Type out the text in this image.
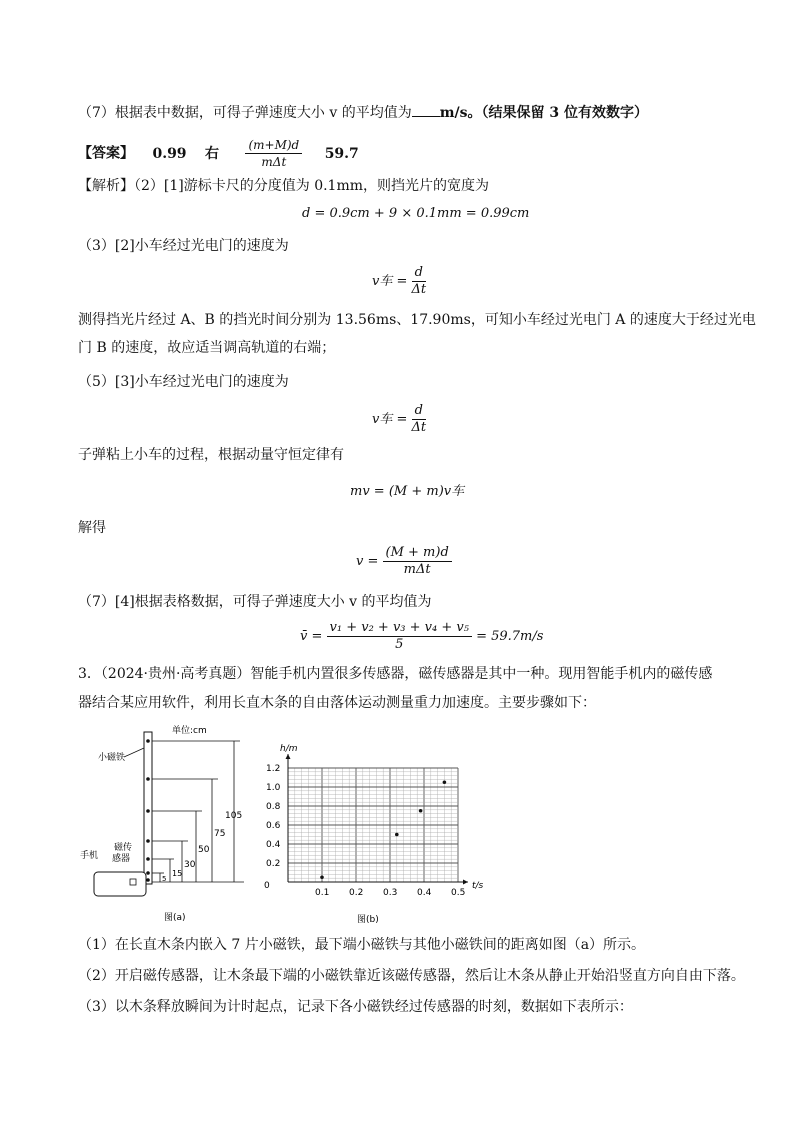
（7）根据表中数据，可得子弹速度大小 v 的平均值为 m/s。（结果保留 3 位有效数字）
【答案】 0.99 右 $\frac{(m+M)d}{\text{mΔt}} 59.7$
【解析】（2）[1]游标卡尺的分度值为 0.1mm，则挡光片的宽度为
d = 0.9cm + 9 × 0.1mm = 0.99cm
（3）[2]小车经过光电门的速度为
v车 = $\frac{d}{\Delta t}$
测得挡光片经过 A、B 的挡光时间分别为 13.56ms、17.90ms，可知小车经过光电门 A 的速度大于经过光电
门 B 的速度，故应适当调高轨道的右端；
（5）[3]小车经过光电门的速度为
v车 = $\frac{d}{\Delta t}$
子弹粘上小车的过程，根据动量守恒定律有
mv = (M + m)v车
解得
$v = \frac{(M + m)d}{\text{mΔt}}$
（7）[4]根据表格数据，可得子弹速度大小 v 的平均值为
v̄ = $\frac{\text{v₁ + v₂ + v₃ + v₄ + v₅}}{5} = 59.7m/s$
3．（2024·贵州·高考真题）智能手机内置很多传感器，磁传感器是其中一种。现用智能手机内的磁传感
器结合某应用软件，利用长直木条的自由落体运动测量重力加速度。主要步骤如下：
单位:cm
小磁铁
105
75
50
30
15
5
磁传
感器
手机
图(a)
0.1 0.2 0.3 0.4 0.5
0.2
0.4
0.6
0.8
1.0
1.2
h/m
t/s
0
图(b)
（1）在长直木条内嵌入 7 片小磁铁，最下端小磁铁与其他小磁铁间的距离如图（a）所示。
（2）开启磁传感器，让木条最下端的小磁铁靠近该磁传感器，然后让木条从静止开始沿竖直方向自由下落。
（3）以木条释放瞬间为计时起点，记录下各小磁铁经过传感器的时刻，数据如下表所示：
